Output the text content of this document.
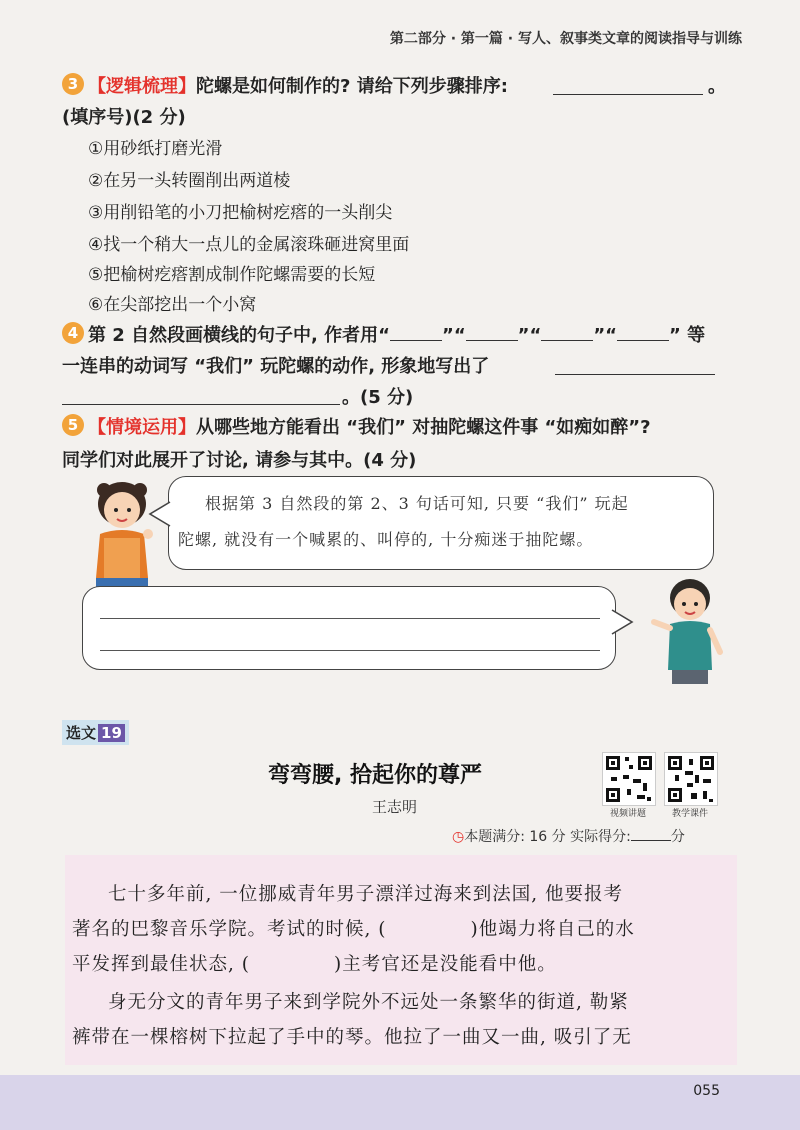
第二部分 · 第一篇 · 写人、叙事类文章的阅读指导与训练
3 【逻辑梳理】陀螺是如何制作的? 请给下列步骤排序:	。
(填序号)(2 分)
①用砂纸打磨光滑
②在另一头转圈削出两道棱
③用削铅笔的小刀把榆树疙瘩的一头削尖
④找一个稍大一点儿的金属滚珠砸进窝里面
⑤把榆树疙瘩割成制作陀螺需要的长短
⑥在尖部挖出一个小窝
4 第 2 自然段画横线的句子中, 作者用“	”“	”“	”“	” 等
一连串的动词写 “我们” 玩陀螺的动作, 形象地写出了
。(5 分)
5 【情境运用】从哪些地方能看出 “我们” 对抽陀螺这件事 “如痴如醉”?
同学们对此展开了讨论, 请参与其中。(4 分)
根据第 3 自然段的第 2、3 句话可知, 只要 “我们” 玩起
陀螺, 就没有一个喊累的、叫停的, 十分痴迷于抽陀螺。
选文 19
弯弯腰, 拾起你的尊严
王志明	视频讲题	教学课件
◷本题满分: 16 分 实际得分:	分
七十多年前, 一位挪威青年男子漂洋过海来到法国, 他要报考
著名的巴黎音乐学院。考试的时候, (	)他竭力将自己的水
平发挥到最佳状态, (	)主考官还是没能看中他。
身无分文的青年男子来到学院外不远处一条繁华的街道, 勒紧
裤带在一棵榕树下拉起了手中的琴。他拉了一曲又一曲, 吸引了无
055
